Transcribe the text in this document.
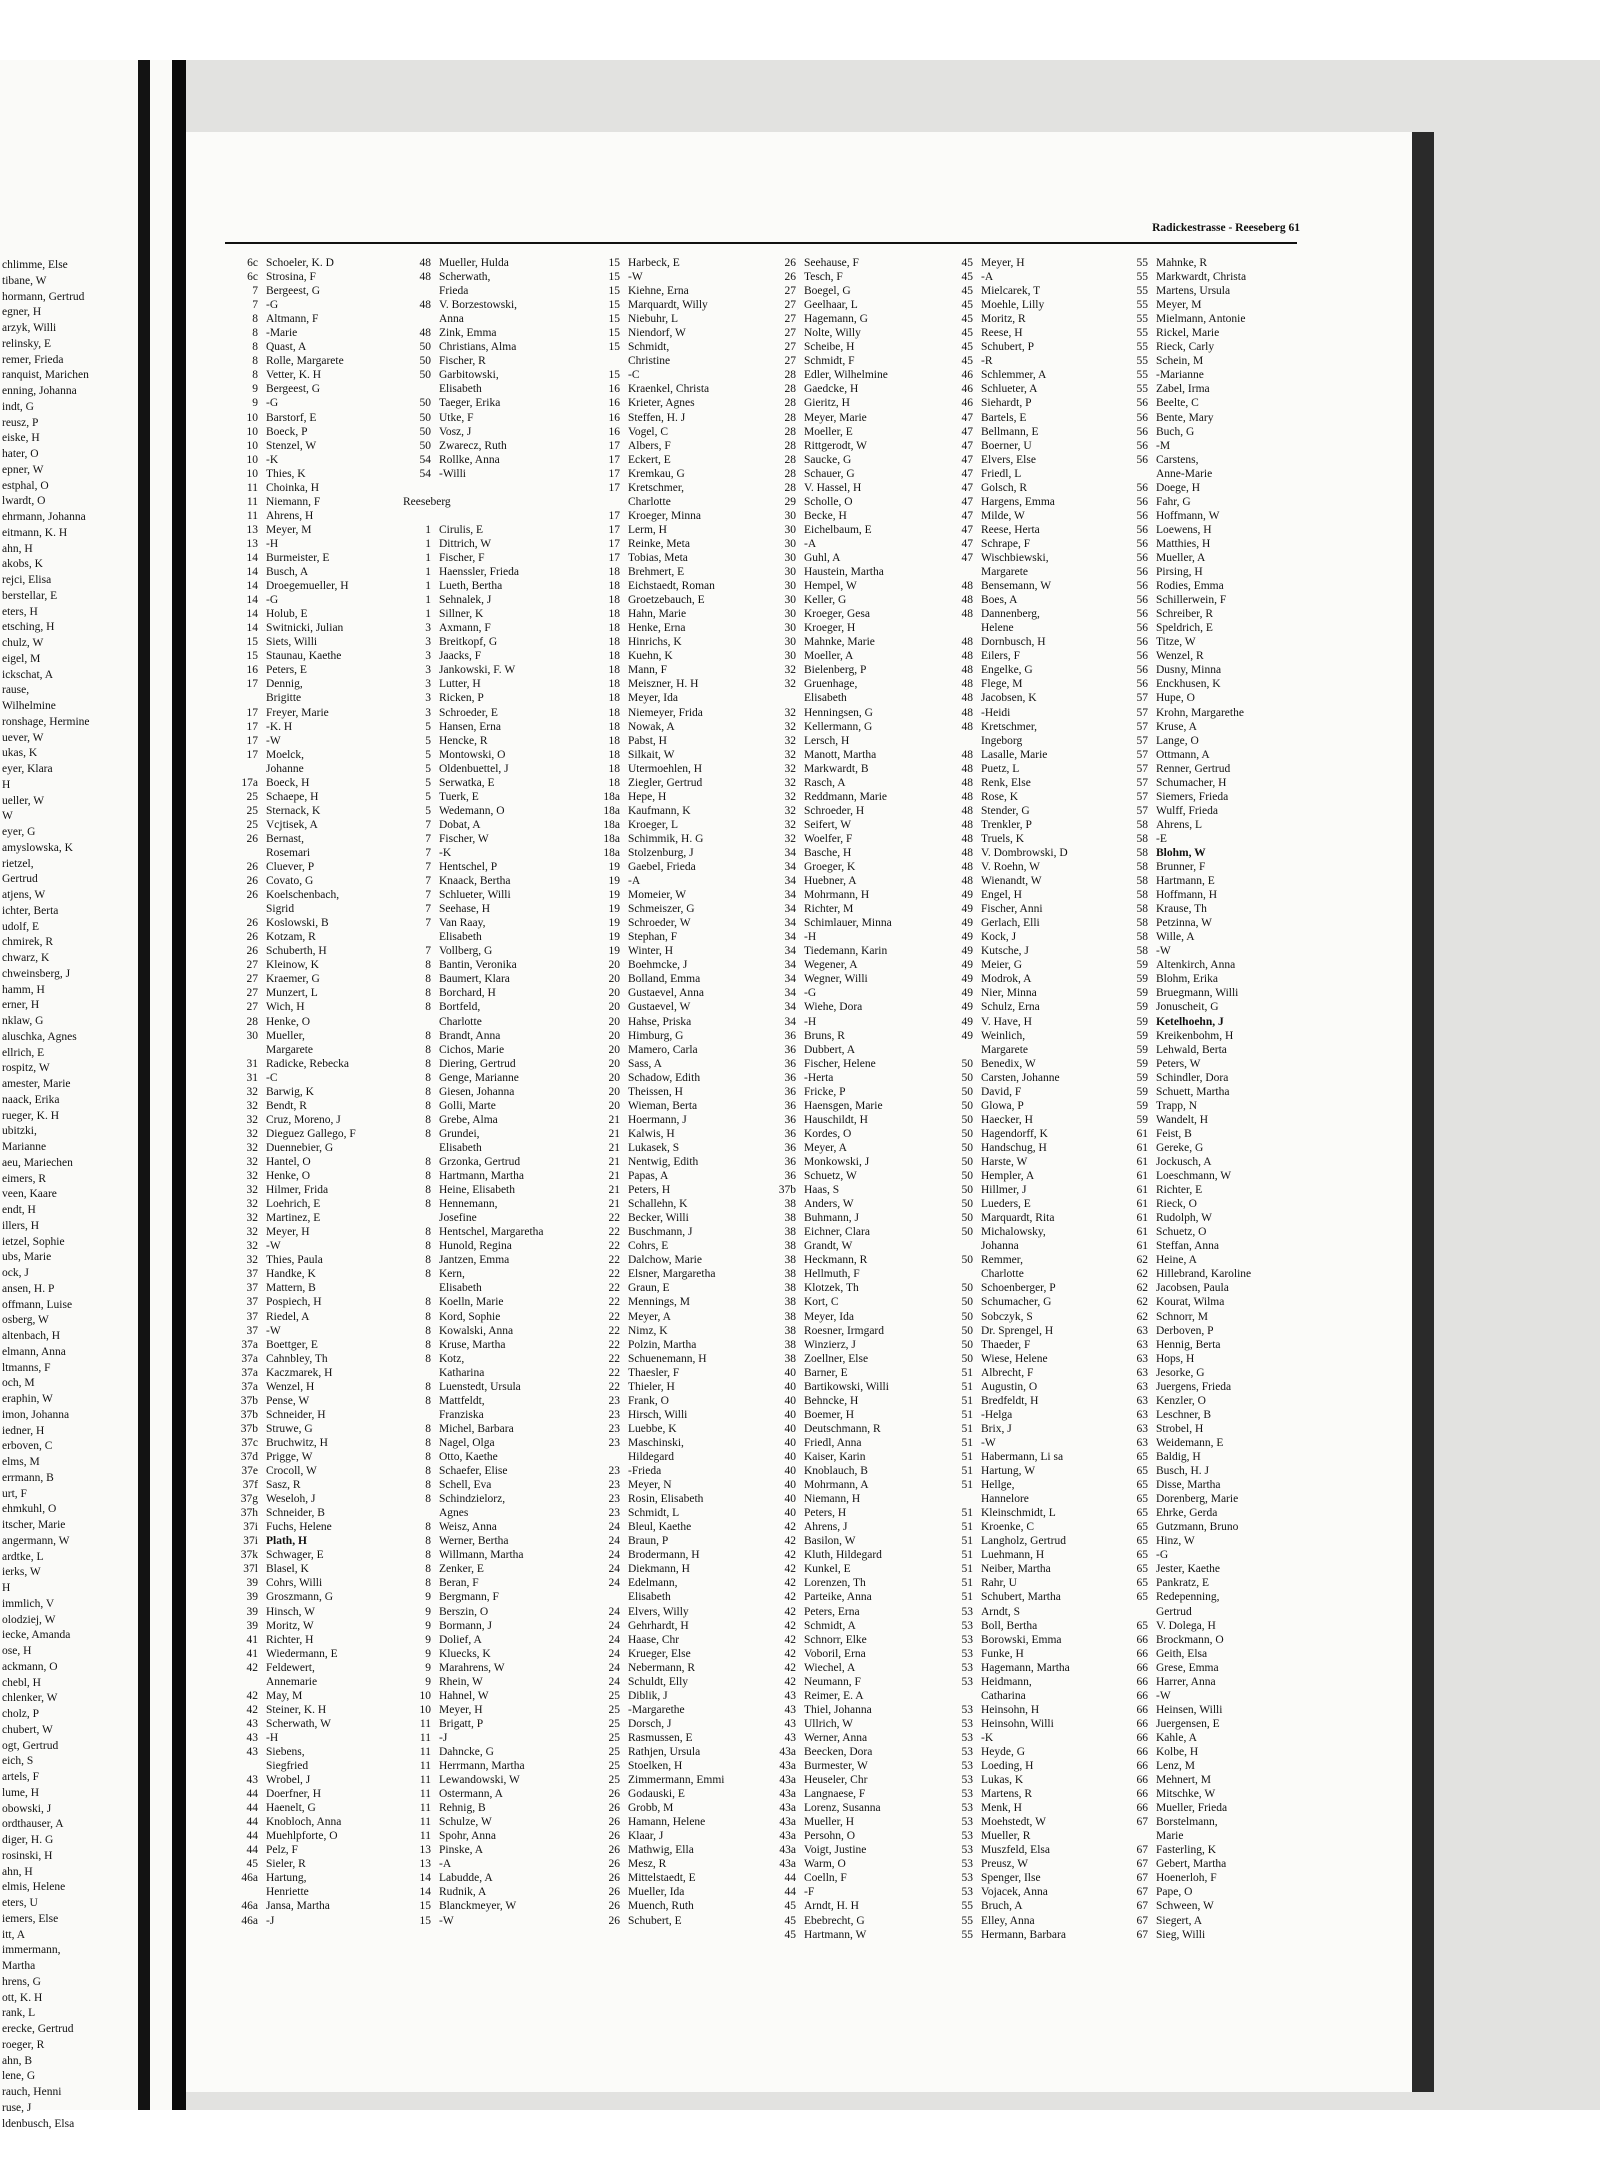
chlimme, Else
tibane, W
hormann, Gertrud
egner, H
arzyk, Willi
relinsky, E
remer, Frieda
ranquist, Marichen
enning, Johanna
indt, G
reusz, P
eiske, H
hater, O
epner, W
estphal, O
lwardt, O
ehrmann, Johanna
eitmann, K. H
ahn, H
akobs, K
rejci, Elisa
berstellar, E
eters, H
etsching, H
chulz, W
eigel, M
ickschat, A
rause,
Wilhelmine
ronshage, Hermine
uever, W
ukas, K
eyer, Klara
H
ueller, W
W
eyer, G
amyslowska, K
rietzel,
Gertrud
atjens, W
ichter, Berta
udolf, E
chmirek, R
chwarz, K
chweinsberg, J
hamm, H
erner, H
nklaw, G
aluschka, Agnes
ellrich, E
rospitz, W
amester, Marie
naack, Erika
rueger, K. H
ubitzki,
Marianne
aeu, Mariechen
eimers, R
veen, Kaare
endt, H
illers, H
ietzel, Sophie
ubs, Marie
ock, J
ansen, H. P
offmann, Luise
osberg, W
altenbach, H
elmann, Anna
ltmanns, F
och, M
eraphin, W
imon, Johanna
iedner, H
erboven, C
elms, M
errmann, B
urt, F
ehmkuhl, O
itscher, Marie
angermann, W
ardtke, L
ierks, W
H
immlich, V
olodziej, W
iecke, Amanda
ose, H
ackmann, O
chebl, H
chlenker, W
cholz, P
chubert, W
ogt, Gertrud
eich, S
artels, F
lume, H
obowski, J
ordthauser, A
diger, H. G
rosinski, H
ahn, H
elmis, Helene
eters, U
iemers, Else
itt, A
immermann,
Martha
hrens, G
ott, K. H
rank, L
erecke, Gertrud
roeger, R
ahn, B
lene, G
rauch, Henni
ruse, J
ldenbusch, Elsa
Radickestrasse - Reeseberg 61
6c Schoeler, K. D
6c Strosina, F
7 Bergeest, G
7 -G
8 Altmann, F
8 -Marie
8 Quast, A
8 Rolle, Margarete
8 Vetter, K. H
9 Bergeest, G
9 -G
10 Barstorf, E
10 Boeck, P
10 Stenzel, W
10 -K
10 Thies, K
11 Choinka, H
11 Niemann, F
11 Ahrens, H
13 Meyer, M
13 -H
14 Burmeister, E
14 Busch, A
14 Droegemueller, H
14 -G
14 Holub, E
14 Switnicki, Julian
15 Siets, Willi
15 Staunau, Kaethe
16 Peters, E
17 Dennig,
Brigitte
17 Freyer, Marie
17 -K. H
17 -W
17 Moelck,
Johanne
17a Boeck, H
25 Schaepe, H
25 Sternack, K
25 Vcjtisek, A
26 Bernast,
Rosemari
26 Cluever, P
26 Covato, G
26 Koelschenbach,
Sigrid
26 Koslowski, B
26 Kotzam, R
26 Schuberth, H
27 Kleinow, K
27 Kraemer, G
27 Munzert, L
27 Wich, H
28 Henke, O
30 Mueller,
Margarete
31 Radicke, Rebecka
31 -C
32 Barwig, K
32 Bendt, R
32 Cruz, Moreno, J
32 Dieguez Gallego, F
32 Duennebier, G
32 Hantel, O
32 Henke, O
32 Hilmer, Frida
32 Loehrich, E
32 Martinez, E
32 Meyer, H
32 -W
32 Thies, Paula
37 Handke, K
37 Mattern, B
37 Pospiech, H
37 Riedel, A
37 -W
37a Boettger, E
37a Cahnbley, Th
37a Kaczmarek, H
37a Wenzel, H
37b Pense, W
37b Schneider, H
37b Struwe, G
37c Bruchwitz, H
37d Prigge, W
37e Crocoll, W
37f Sasz, R
37g Weseloh, J
37h Schneider, B
37i Fuchs, Helene
37i Plath, H
37k Schwager, E
37l Blasel, K
39 Cohrs, Willi
39 Groszmann, G
39 Hinsch, W
39 Moritz, W
41 Richter, H
41 Wiedermann, E
42 Feldewert,
Annemarie
42 May, M
42 Steiner, K. H
43 Scherwath, W
43 -H
43 Siebens,
Siegfried
43 Wrobel, J
44 Doerfner, H
44 Haenelt, G
44 Knobloch, Anna
44 Muehlpforte, O
44 Pelz, F
45 Sieler, R
46a Hartung,
Henriette
46a Jansa, Martha
46a -J
48 Mueller, Hulda
48 Scherwath,
Frieda
48 V. Borzestowski,
Anna
48 Zink, Emma
50 Christians, Alma
50 Fischer, R
50 Garbitowski,
Elisabeth
50 Taeger, Erika
50 Utke, F
50 Vosz, J
50 Zwarecz, Ruth
54 Rollke, Anna
54 -Willi
Reeseberg
1 Cirulis, E
1 Dittrich, W
1 Fischer, F
1 Haenssler, Frieda
1 Lueth, Bertha
1 Sehnalek, J
1 Sillner, K
3 Axmann, F
3 Breitkopf, G
3 Jaacks, F
3 Jankowski, F. W
3 Lutter, H
3 Ricken, P
3 Schroeder, E
5 Hansen, Erna
5 Hencke, R
5 Montowski, O
5 Oldenbuettel, J
5 Serwatka, E
5 Tuerk, E
5 Wedemann, O
7 Dobat, A
7 Fischer, W
7 -K
7 Hentschel, P
7 Knaack, Bertha
7 Schlueter, Willi
7 Seehase, H
7 Van Raay,
Elisabeth
7 Vollberg, G
8 Bantin, Veronika
8 Baumert, Klara
8 Borchard, H
8 Bortfeld,
Charlotte
8 Brandt, Anna
8 Cichos, Marie
8 Diering, Gertrud
8 Genge, Marianne
8 Giesen, Johanna
8 Golli, Marte
8 Grebe, Alma
8 Grundei,
Elisabeth
8 Grzonka, Gertrud
8 Hartmann, Martha
8 Heine, Elisabeth
8 Hennemann,
Josefine
8 Hentschel, Margaretha
8 Hunold, Regina
8 Jantzen, Emma
8 Kern,
Elisabeth
8 Koelln, Marie
8 Kord, Sophie
8 Kowalski, Anna
8 Kruse, Martha
8 Kotz,
Katharina
8 Luenstedt, Ursula
8 Mattfeldt,
Franziska
8 Michel, Barbara
8 Nagel, Olga
8 Otto, Kaethe
8 Schaefer, Elise
8 Schell, Eva
8 Schindzielorz,
Agnes
8 Weisz, Anna
8 Werner, Bertha
8 Willmann, Martha
8 Zenker, E
8 Beran, F
9 Bergmann, F
9 Berszin, O
9 Bormann, J
9 Dolief, A
9 Kluecks, K
9 Marahrens, W
9 Rhein, W
10 Hahnel, W
10 Meyer, H
11 Brigatt, P
11 -J
11 Dahncke, G
11 Herrmann, Martha
11 Lewandowski, W
11 Ostermann, A
11 Rehnig, B
11 Schulze, W
11 Spohr, Anna
13 Pinske, A
13 -A
14 Labudde, A
14 Rudnik, A
15 Blanckmeyer, W
15 -W
15 Harbeck, E
15 -W
15 Kiehne, Erna
15 Marquardt, Willy
15 Niebuhr, L
15 Niendorf, W
15 Schmidt,
Christine
15 -C
16 Kraenkel, Christa
16 Krieter, Agnes
16 Steffen, H. J
16 Vogel, C
17 Albers, F
17 Eckert, E
17 Kremkau, G
17 Kretschmer,
Charlotte
17 Kroeger, Minna
17 Lerm, H
17 Reinke, Meta
17 Tobias, Meta
18 Brehmert, E
18 Eichstaedt, Roman
18 Groetzebauch, E
18 Hahn, Marie
18 Henke, Erna
18 Hinrichs, K
18 Kuehn, K
18 Mann, F
18 Meiszner, H. H
18 Meyer, Ida
18 Niemeyer, Frida
18 Nowak, A
18 Pabst, H
18 Silkait, W
18 Utermoehlen, H
18 Ziegler, Gertrud
18a Hepe, H
18a Kaufmann, K
18a Kroeger, L
18a Schimmik, H. G
18a Stolzenburg, J
19 Gaebel, Frieda
19 -A
19 Momeier, W
19 Schmeiszer, G
19 Schroeder, W
19 Stephan, F
19 Winter, H
20 Boehmcke, J
20 Bolland, Emma
20 Gustaevel, Anna
20 Gustaevel, W
20 Hahse, Priska
20 Himburg, G
20 Mamero, Carla
20 Sass, A
20 Schadow, Edith
20 Theissen, H
20 Wieman, Berta
21 Hoermann, J
21 Kalwis, H
21 Lukasek, S
21 Nentwig, Edith
21 Papas, A
21 Peters, H
21 Schallehn, K
22 Becker, Willi
22 Buschmann, J
22 Cohrs, E
22 Dalchow, Marie
22 Elsner, Margaretha
22 Graun, E
22 Mennings, M
22 Meyer, A
22 Nimz, K
22 Polzin, Martha
22 Schuenemann, H
22 Thaesler, F
22 Thieler, H
23 Frank, O
23 Hirsch, Willi
23 Luebbe, K
23 Maschinski,
Hildegard
23 -Frieda
23 Meyer, N
23 Rosin, Elisabeth
23 Schmidt, L
24 Bleul, Kaethe
24 Braun, P
24 Brodermann, H
24 Diekmann, H
24 Edelmann,
Elisabeth
24 Elvers, Willy
24 Gehrhardt, H
24 Haase, Chr
24 Krueger, Else
24 Nebermann, R
24 Schuldt, Elly
25 Diblik, J
25 -Margarethe
25 Dorsch, J
25 Rasmussen, E
25 Rathjen, Ursula
25 Stoelken, H
25 Zimmermann, Emmi
26 Godauski, E
26 Grobb, M
26 Hamann, Helene
26 Klaar, J
26 Mathwig, Ella
26 Mesz, R
26 Mittelstaedt, E
26 Mueller, Ida
26 Muench, Ruth
26 Schubert, E
26 Seehause, F
26 Tesch, F
27 Boegel, G
27 Geelhaar, L
27 Hagemann, G
27 Nolte, Willy
27 Scheibe, H
27 Schmidt, F
28 Edler, Wilhelmine
28 Gaedcke, H
28 Gieritz, H
28 Meyer, Marie
28 Moeller, E
28 Rittgerodt, W
28 Saucke, G
28 Schauer, G
28 V. Hassel, H
29 Scholle, O
30 Becke, H
30 Eichelbaum, E
30 -A
30 Guhl, A
30 Haustein, Martha
30 Hempel, W
30 Keller, G
30 Kroeger, Gesa
30 Kroeger, H
30 Mahnke, Marie
30 Moeller, A
32 Bielenberg, P
32 Gruenhage,
Elisabeth
32 Henningsen, G
32 Kellermann, G
32 Lersch, H
32 Manott, Martha
32 Markwardt, B
32 Rasch, A
32 Reddmann, Marie
32 Schroeder, H
32 Seifert, W
32 Woelfer, F
34 Basche, H
34 Groeger, K
34 Huebner, A
34 Mohrmann, H
34 Richter, M
34 Schimlauer, Minna
34 -H
34 Tiedemann, Karin
34 Wegener, A
34 Wegner, Willi
34 -G
34 Wiehe, Dora
34 -H
36 Bruns, R
36 Dubbert, A
36 Fischer, Helene
36 -Herta
36 Fricke, P
36 Haensgen, Marie
36 Hauschildt, H
36 Kordes, O
36 Meyer, A
36 Monkowski, J
36 Schuetz, W
37b Haas, S
38 Anders, W
38 Buhmann, J
38 Eichner, Clara
38 Grandt, W
38 Heckmann, R
38 Hellmuth, F
38 Klotzek, Th
38 Kort, C
38 Meyer, Ida
38 Roesner, Irmgard
38 Winzierz, J
38 Zoellner, Else
40 Barner, E
40 Bartikowski, Willi
40 Behncke, H
40 Boemer, H
40 Deutschmann, R
40 Friedl, Anna
40 Kaiser, Karin
40 Knoblauch, B
40 Mohrmann, A
40 Niemann, H
40 Peters, H
42 Ahrens, J
42 Basilon, W
42 Kluth, Hildegard
42 Kunkel, E
42 Lorenzen, Th
42 Parteike, Anna
42 Peters, Erna
42 Schmidt, A
42 Schnorr, Elke
42 Voboril, Erna
42 Wiechel, A
42 Neumann, F
43 Reimer, E. A
43 Thiel, Johanna
43 Ullrich, W
43 Werner, Anna
43a Beecken, Dora
43a Burmester, W
43a Heuseler, Chr
43a Langnaese, F
43a Lorenz, Susanna
43a Mueller, H
43a Persohn, O
43a Voigt, Justine
43a Warm, O
44 Coelln, F
44 -F
45 Arndt, H. H
45 Ebebrecht, G
45 Hartmann, W
45 Meyer, H
45 -A
45 Mielcarek, T
45 Moehle, Lilly
45 Moritz, R
45 Reese, H
45 Schubert, P
45 -R
46 Schlemmer, A
46 Schlueter, A
46 Siehardt, P
47 Bartels, E
47 Bellmann, E
47 Boerner, U
47 Elvers, Else
47 Friedl, L
47 Golsch, R
47 Hargens, Emma
47 Milde, W
47 Reese, Herta
47 Schrape, F
47 Wischbiewski,
Margarete
48 Bensemann, W
48 Boes, A
48 Dannenberg,
Helene
48 Dornbusch, H
48 Eilers, F
48 Engelke, G
48 Flege, M
48 Jacobsen, K
48 -Heidi
48 Kretschmer,
Ingeborg
48 Lasalle, Marie
48 Puetz, L
48 Renk, Else
48 Rose, K
48 Stender, G
48 Trenkler, P
48 Truels, K
48 V. Dombrowski, D
48 V. Roehn, W
48 Wienandt, W
49 Engel, H
49 Fischer, Anni
49 Gerlach, Elli
49 Kock, J
49 Kutsche, J
49 Meier, G
49 Modrok, A
49 Nier, Minna
49 Schulz, Erna
49 V. Have, H
49 Weinlich,
Margarete
50 Benedix, W
50 Carsten, Johanne
50 David, F
50 Glowa, P
50 Haecker, H
50 Hagendorff, K
50 Handschug, H
50 Harste, W
50 Hempler, A
50 Hillmer, J
50 Lueders, E
50 Marquardt, Rita
50 Michalowsky,
Johanna
50 Remmer,
Charlotte
50 Schoenberger, P
50 Schumacher, G
50 Sobczyk, S
50 Dr. Sprengel, H
50 Thaeder, F
50 Wiese, Helene
51 Albrecht, F
51 Augustin, O
51 Bredfeldt, H
51 -Helga
51 Brix, J
51 -W
51 Habermann, Li sa
51 Hartung, W
51 Hellge,
Hannelore
51 Kleinschmidt, L
51 Kroenke, C
51 Langholz, Gertrud
51 Luehmann, H
51 Neiber, Martha
51 Rahr, U
51 Schubert, Martha
53 Arndt, S
53 Boll, Bertha
53 Borowski, Emma
53 Funke, H
53 Hagemann, Martha
53 Heidmann,
Catharina
53 Heinsohn, H
53 Heinsohn, Willi
53 -K
53 Heyde, G
53 Loeding, H
53 Lukas, K
53 Martens, R
53 Menk, H
53 Moehstedt, W
53 Mueller, R
53 Muszfeld, Elsa
53 Preusz, W
53 Spenger, Ilse
53 Vojacek, Anna
55 Bruch, A
55 Elley, Anna
55 Hermann, Barbara
55 Mahnke, R
55 Markwardt, Christa
55 Martens, Ursula
55 Meyer, M
55 Mielmann, Antonie
55 Rickel, Marie
55 Rieck, Carly
55 Schein, M
55 -Marianne
55 Zabel, Irma
56 Beelte, C
56 Bente, Mary
56 Buch, G
56 -M
56 Carstens,
Anne-Marie
56 Doege, H
56 Fahr, G
56 Hoffmann, W
56 Loewens, H
56 Matthies, H
56 Mueller, A
56 Pirsing, H
56 Rodies, Emma
56 Schillerwein, F
56 Schreiber, R
56 Speldrich, E
56 Titze, W
56 Wenzel, R
56 Dusny, Minna
56 Enckhusen, K
57 Hupe, O
57 Krohn, Margarethe
57 Kruse, A
57 Lange, O
57 Ottmann, A
57 Renner, Gertrud
57 Schumacher, H
57 Siemers, Frieda
57 Wulff, Frieda
58 Ahrens, L
58 -E
58 Blohm, W
58 Brunner, F
58 Hartmann, E
58 Hoffmann, H
58 Krause, Th
58 Petzinna, W
58 Wille, A
58 -W
59 Altenkirch, Anna
59 Blohm, Erika
59 Bruegmann, Willi
59 Jonuscheit, G
59 Ketelhoehn, J
59 Kreikenbohm, H
59 Lehwald, Berta
59 Peters, W
59 Schindler, Dora
59 Schuett, Martha
59 Trapp, N
59 Wandelt, H
61 Feist, B
61 Gereke, G
61 Jockusch, A
61 Loeschmann, W
61 Richter, E
61 Rieck, O
61 Rudolph, W
61 Schuetz, O
61 Steffan, Anna
62 Heine, A
62 Hillebrand, Karoline
62 Jacobsen, Paula
62 Kourat, Wilma
62 Schnorr, M
63 Derboven, P
63 Hennig, Berta
63 Hops, H
63 Jesorke, G
63 Juergens, Frieda
63 Kenzler, O
63 Leschner, B
63 Strobel, H
63 Weidemann, E
65 Baldig, H
65 Busch, H. J
65 Disse, Martha
65 Dorenberg, Marie
65 Ehrke, Gerda
65 Gutzmann, Bruno
65 Hinz, W
65 -G
65 Jester, Kaethe
65 Pankratz, E
65 Redepenning,
Gertrud
65 V. Dolega, H
66 Brockmann, O
66 Geith, Elsa
66 Grese, Emma
66 Harrer, Anna
66 -W
66 Heinsen, Willi
66 Juergensen, E
66 Kahle, A
66 Kolbe, H
66 Lenz, M
66 Mehnert, M
66 Mitschke, W
66 Mueller, Frieda
67 Borstelmann,
Marie
67 Fasterling, K
67 Gebert, Martha
67 Hoenerloh, F
67 Pape, O
67 Schween, W
67 Siegert, A
67 Sieg, Willi
